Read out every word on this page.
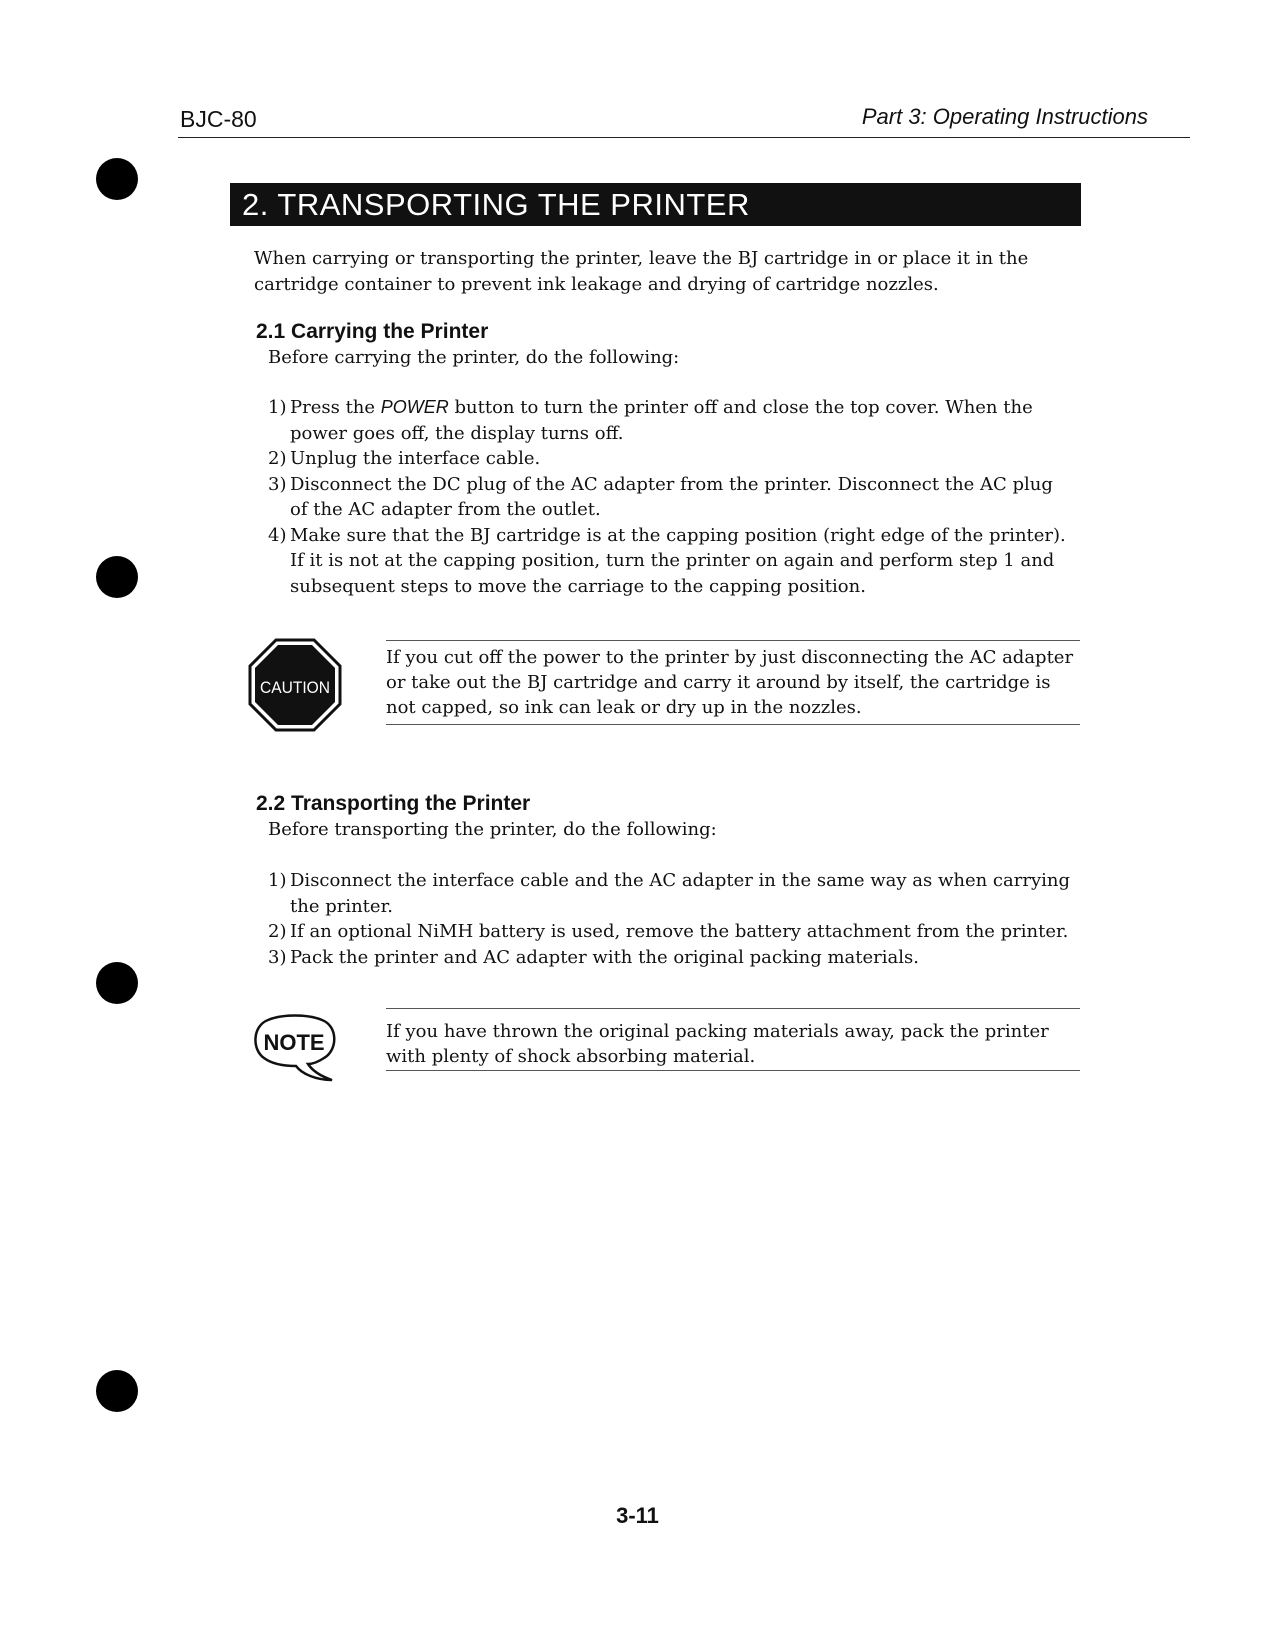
BJC-80	Part 3: Operating Instructions
2. TRANSPORTING THE PRINTER
When carrying or transporting the printer, leave the BJ cartridge in or place it in the cartridge container to prevent ink leakage and drying of cartridge nozzles.
2.1 Carrying the Printer
Before carrying the printer, do the following:
1) Press the POWER button to turn the printer off and close the top cover. When the power goes off, the display turns off.
2) Unplug the interface cable.
3) Disconnect the DC plug of the AC adapter from the printer. Disconnect the AC plug of the AC adapter from the outlet.
4) Make sure that the BJ cartridge is at the capping position (right edge of the printer). If it is not at the capping position, turn the printer on again and perform step 1 and subsequent steps to move the carriage to the capping position.
CAUTION
If you cut off the power to the printer by just disconnecting the AC adapter or take out the BJ cartridge and carry it around by itself, the cartridge is not capped, so ink can leak or dry up in the nozzles.
2.2 Transporting the Printer
Before transporting the printer, do the following:
1) Disconnect the interface cable and the AC adapter in the same way as when carrying the printer.
2) If an optional NiMH battery is used, remove the battery attachment from the printer.
3) Pack the printer and AC adapter with the original packing materials.
NOTE	If you have thrown the original packing materials away, pack the printer with plenty of shock absorbing material.
3-11
